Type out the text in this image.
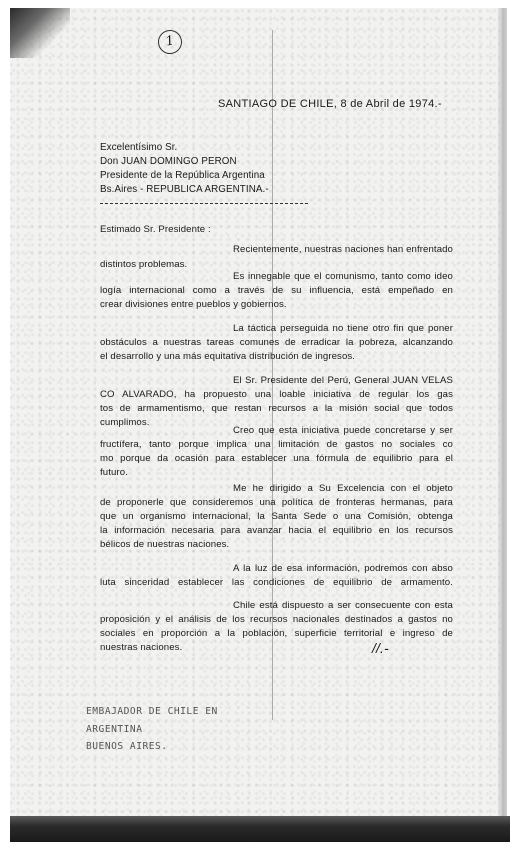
1
SANTIAGO DE CHILE, 8 de Abril de 1974.-
Excelentísimo Sr.
Don JUAN DOMINGO PERON
Presidente de la República Argentina
Bs.Aires - REPUBLICA ARGENTINA.-
Estimado Sr. Presidente :
Recientemente, nuestras naciones han enfrentado
distintos problemas.
Es innegable que el comunismo, tanto como ideo
logía internacional como a través de su influencia, está empeñado en
crear divisiones entre pueblos y gobiernos.
La táctica perseguida no tiene otro fin que poner
obstáculos a nuestras tareas comunes de erradicar la pobreza, alcanzando
el desarrollo y una más equitativa distribución de ingresos.
El Sr. Presidente del Perú, General JUAN VELAS
CO ALVARADO, ha propuesto una loable iniciativa de regular los gas
tos de armamentismo, que restan recursos a la misión social que todos
cumplimos.
Creo que esta iniciativa puede concretarse y ser
fructífera, tanto porque implica una limitación de gastos no sociales co
mo porque da ocasión para establecer una fórmula de equilibrio para el
futuro.
Me he dirigido a Su Excelencia con el objeto
de proponerle que consideremos una política de fronteras hermanas, para
que un organismo internacional, la Santa Sede o una Comisión, obtenga
la información necesaria para avanzar hacia el equilibrio en los recursos
bélicos de nuestras naciones.
A la luz de esa información, podremos con abso
luta sinceridad establecer las condiciones de equilibrio de armamento.
Chile está dispuesto a ser consecuente con esta
proposición y el análisis de los recursos nacionales destinados a gastos no
sociales en proporción a la población, superficie territorial e ingreso de
nuestras naciones.	//.-
EMBAJADOR DE CHILE EN
ARGENTINA
BUENOS AIRES.
